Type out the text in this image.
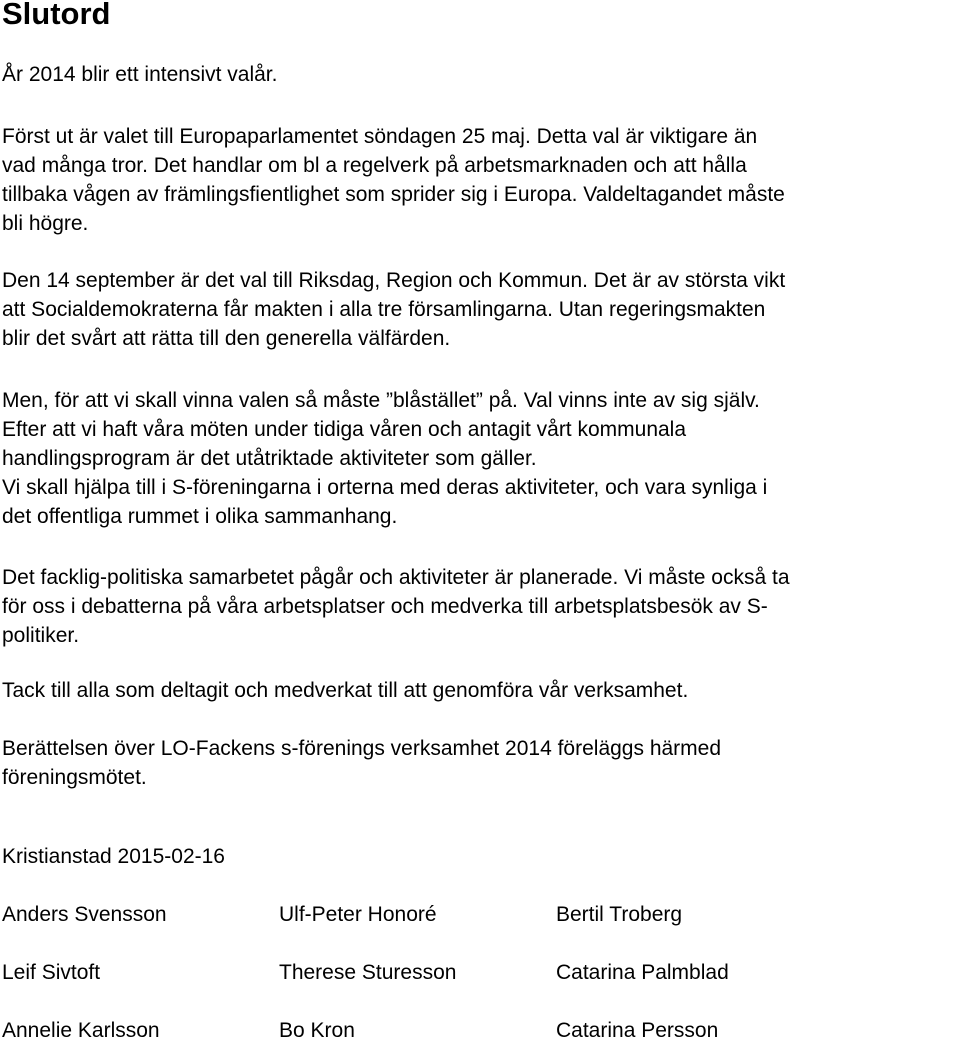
Slutord

År 2014 blir ett intensivt valår.

Först ut är valet till Europaparlamentet söndagen 25 maj. Detta val är viktigare än
vad många tror. Det handlar om bl a regelverk på arbetsmarknaden och att hålla
tillbaka vågen av främlingsfientlighet som sprider sig i Europa. Valdeltagandet måste
bli högre.

Den 14 september är det val till Riksdag, Region och Kommun. Det är av största vikt
att Socialdemokraterna får makten i alla tre församlingarna. Utan regeringsmakten
blir det svårt att rätta till den generella välfärden.

Men, för att vi skall vinna valen så måste ”blåstället” på. Val vinns inte av sig själv.
Efter att vi haft våra möten under tidiga våren och antagit vårt kommunala
handlingsprogram är det utåtriktade aktiviteter som gäller.
Vi skall hjälpa till i S-föreningarna i orterna med deras aktiviteter, och vara synliga i
det offentliga rummet i olika sammanhang.

Det facklig-politiska samarbetet pågår och aktiviteter är planerade. Vi måste också ta
för oss i debatterna på våra arbetsplatser och medverka till arbetsplatsbesök av S-
politiker.

Tack till alla som deltagit och medverkat till att genomföra vår verksamhet.

Berättelsen över LO-Fackens s-förenings verksamhet 2014 föreläggs härmed
föreningsmötet.

Kristianstad 2015-02-16

Anders Svensson	Ulf-Peter Honoré	Bertil Troberg
Leif Sivtoft	Therese Sturesson	Catarina Palmblad
Annelie Karlsson	Bo Kron	Catarina Persson
